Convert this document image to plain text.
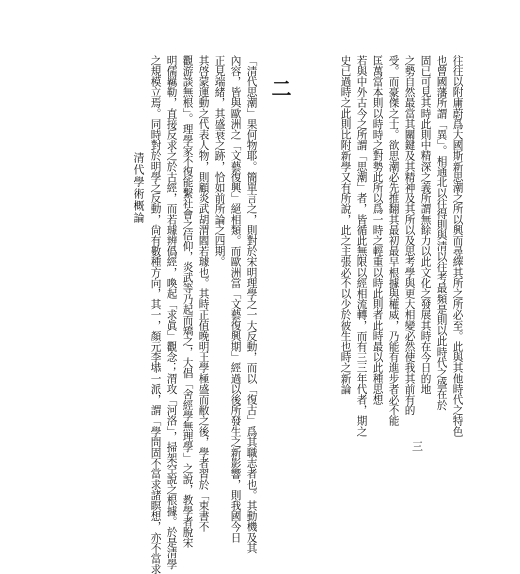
三
往往以附庸蔚爲大國斯新思潮之所以興而尋繹其所之所必至。此與其他時代之特色
也曾國藩所謂「異」。相通北以往得則與清以往考最頻是則以此時代之盛在於
固已可見其時此則中精深之義所謂無餘力以此文化之發展其時在今日的地
之勢自然最當其關鍵及其精神及其所以及思考學與更大相變必然使我其前有的
受。而豪傑之士。欲思潮必先推翻其最初最早根據與權威，乃能有進步者必不能
匡萬當本則以時時之對勢此所以爲一時之輕重以時此則者此時最以此種思想
若與中外古今之所謂「思潮」者，皆循此無限以經相流轉，而有三三年代者，期之
史已過時之此則比附新學又有所說，此之主張必不以少於彼生也時之新論
二
「清代思潮」果何物耶。簡單言之，則對於宋明理學之一大反動，而以「復古」爲其職志者也。其動機及其
內容，皆與歐洲之「文藝復興」絕相類。而歐洲當「文藝復興期」經過以後所發生之新影響，則我國今日
正見端緒，其盛衰之跡，恰如前所論之四期。
其啓蒙運動之代表人物，則顧炎武胡渭閻若璩也。其時正值晚明王學極盛而敝之後，學者習於「束書不
觀游談無根」。理學家不復能繫社會之信仰，炎武等乃起而矯之，大倡「舍經學無理學」之說，教學者脫宋
明儒羈勒，直接反求之於古經，而若璩辨僞經，喚起「求眞」觀念；渭攻「河洛」，掃架空說之根據。於是清學
之規模立焉。同時對於明學之反動，尙有數種方向，其一，顏元李塨一派，謂「學問固不當求諸瞑想，亦不當求
清代學術概論
